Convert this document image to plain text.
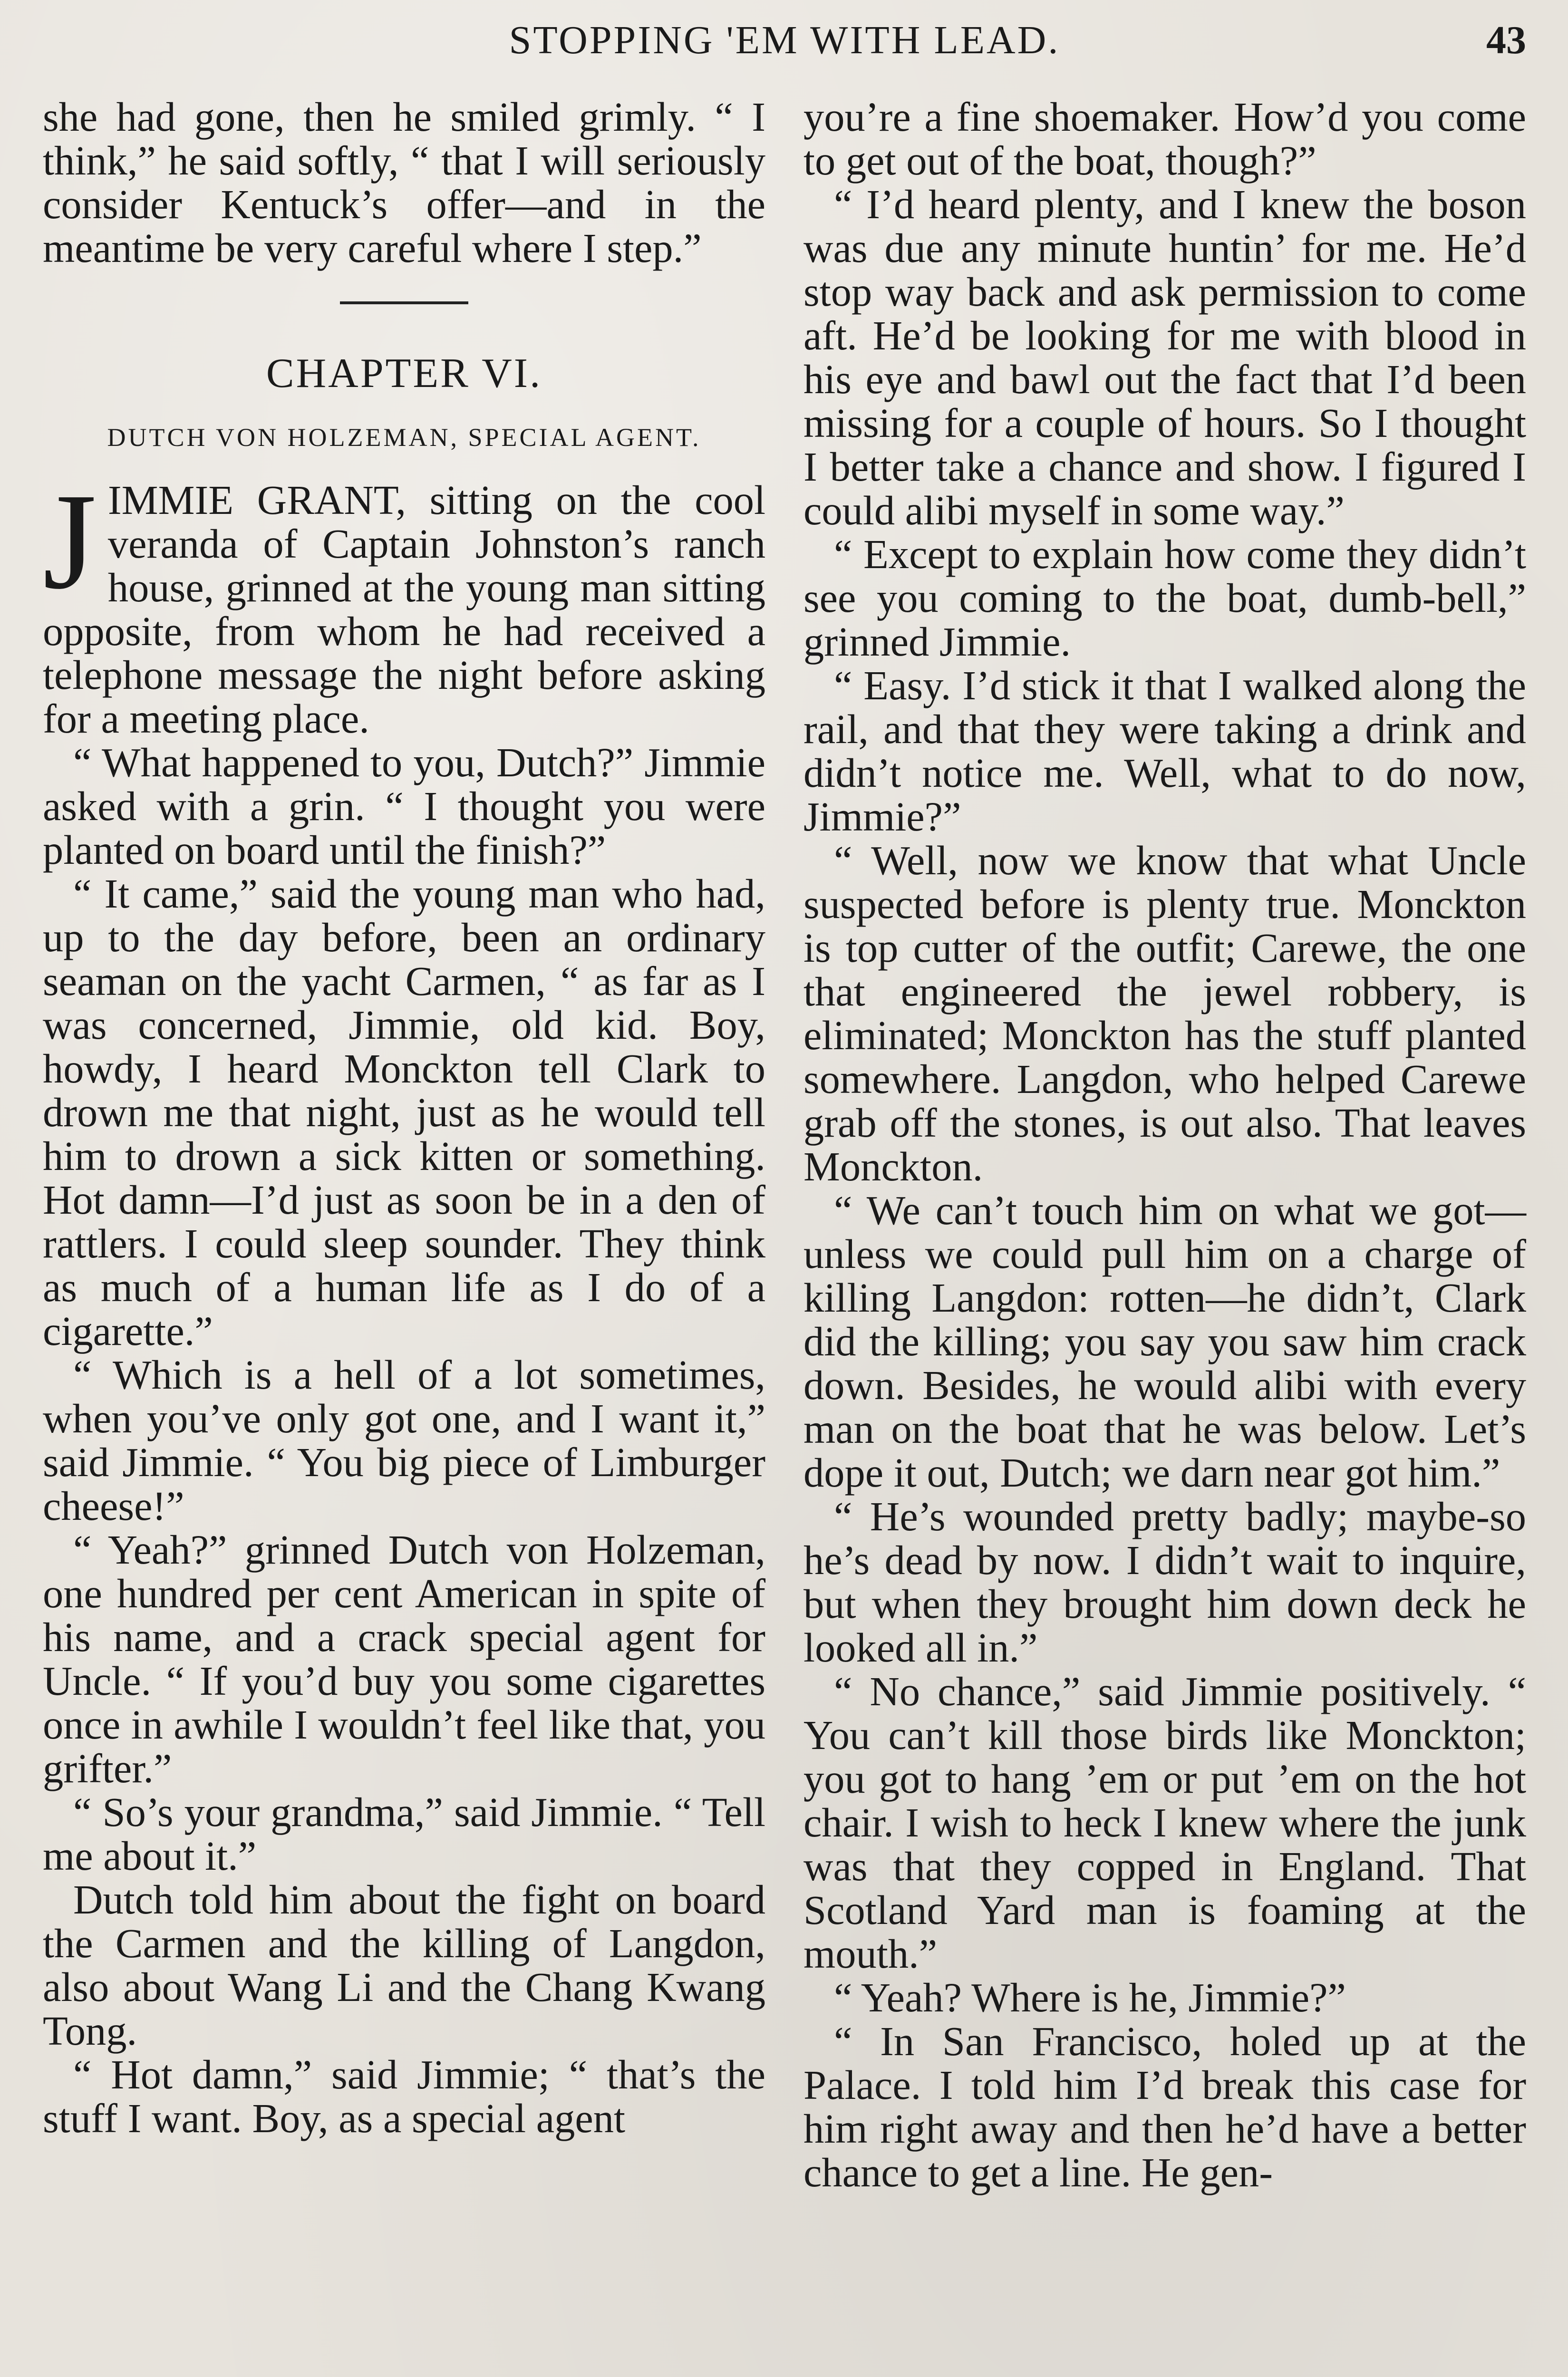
STOPPING 'EM WITH LEAD.	43

she had gone, then he smiled grimly. “ I think,” he said softly, “ that I will seriously consider Kentuck’s offer—and in the meantime be very careful where I step.”

CHAPTER VI.
DUTCH VON HOLZEMAN, SPECIAL AGENT.

JIMMIE GRANT, sitting on the cool veranda of Captain Johnston’s ranch house, grinned at the young man sitting opposite, from whom he had received a telephone message the night before asking for a meeting place.

“ What happened to you, Dutch?” Jimmie asked with a grin. “ I thought you were planted on board until the finish?”

“ It came,” said the young man who had, up to the day before, been an ordinary seaman on the yacht Carmen, “ as far as I was concerned, Jimmie, old kid. Boy, howdy, I heard Monckton tell Clark to drown me that night, just as he would tell him to drown a sick kitten or something. Hot damn—I’d just as soon be in a den of rattlers. I could sleep sounder. They think as much of a human life as I do of a cigarette.”

“ Which is a hell of a lot sometimes, when you’ve only got one, and I want it,” said Jimmie. “ You big piece of Limburger cheese!”

“ Yeah?” grinned Dutch von Holzeman, one hundred per cent American in spite of his name, and a crack special agent for Uncle. “ If you’d buy you some cigarettes once in awhile I wouldn’t feel like that, you grifter.”

“ So’s your grandma,” said Jimmie. “ Tell me about it.”

Dutch told him about the fight on board the Carmen and the killing of Langdon, also about Wang Li and the Chang Kwang Tong.

“ Hot damn,” said Jimmie; “ that’s the stuff I want. Boy, as a special agent

you’re a fine shoemaker. How’d you come to get out of the boat, though?”

“ I’d heard plenty, and I knew the boson was due any minute huntin’ for me. He’d stop way back and ask permission to come aft. He’d be looking for me with blood in his eye and bawl out the fact that I’d been missing for a couple of hours. So I thought I better take a chance and show. I figured I could alibi myself in some way.”

“ Except to explain how come they didn’t see you coming to the boat, dumb-bell,” grinned Jimmie.

“ Easy. I’d stick it that I walked along the rail, and that they were taking a drink and didn’t notice me. Well, what to do now, Jimmie?”

“ Well, now we know that what Uncle suspected before is plenty true. Monckton is top cutter of the outfit; Carewe, the one that engineered the jewel robbery, is eliminated; Monckton has the stuff planted somewhere. Langdon, who helped Carewe grab off the stones, is out also. That leaves Monckton.

“ We can’t touch him on what we got—unless we could pull him on a charge of killing Langdon: rotten—he didn’t, Clark did the killing; you say you saw him crack down. Besides, he would alibi with every man on the boat that he was below. Let’s dope it out, Dutch; we darn near got him.”

“ He’s wounded pretty badly; maybe-so he’s dead by now. I didn’t wait to inquire, but when they brought him down deck he looked all in.”

“ No chance,” said Jimmie positively. “ You can’t kill those birds like Monckton; you got to hang ’em or put ’em on the hot chair. I wish to heck I knew where the junk was that they copped in England. That Scotland Yard man is foaming at the mouth.”

“ Yeah? Where is he, Jimmie?”

“ In San Francisco, holed up at the Palace. I told him I’d break this case for him right away and then he’d have a better chance to get a line. He gen-
